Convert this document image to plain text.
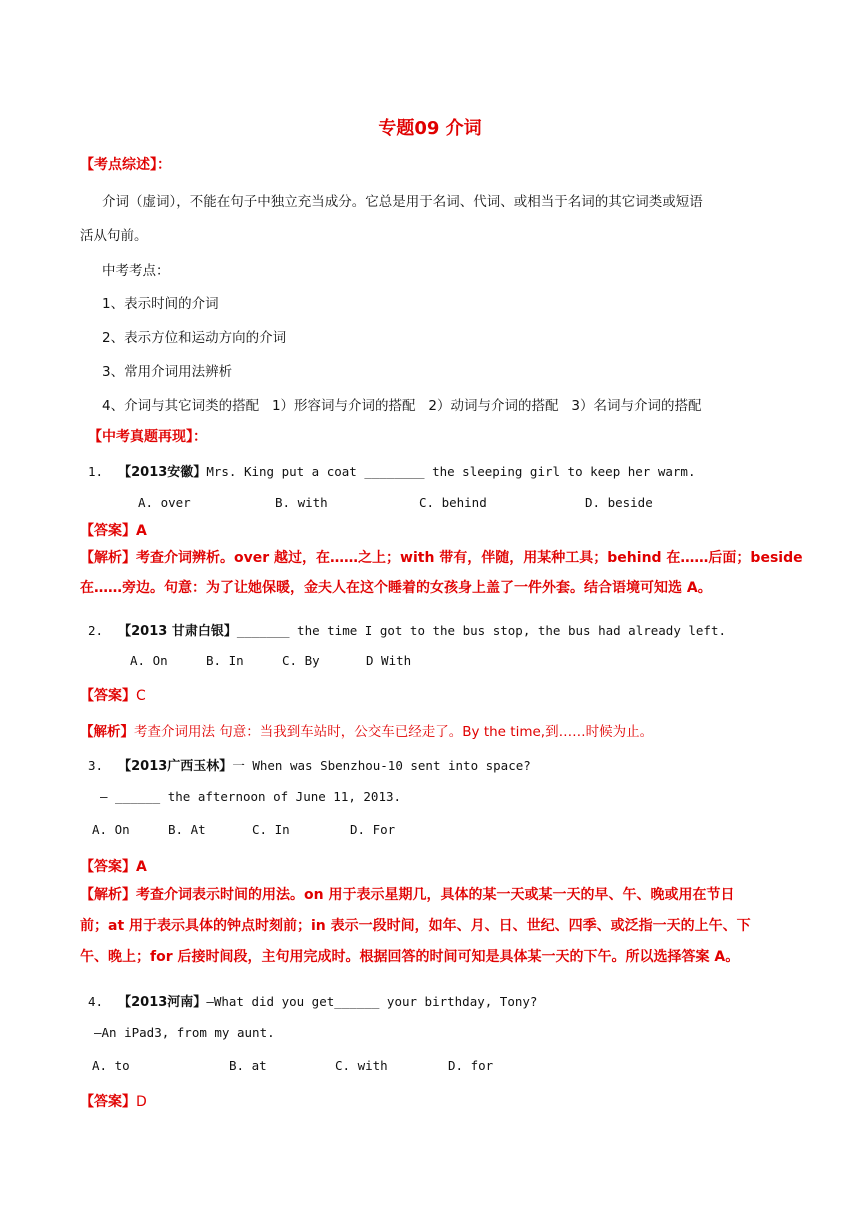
专题09 介词
【考点综述】：
介词（虚词），不能在句子中独立充当成分。它总是用于名词、代词、或相当于名词的其它词类或短语
活从句前。
中考考点：
1、表示时间的介词
2、表示方位和运动方向的介词
3、常用介词用法辨析
4、介词与其它词类的搭配   1）形容词与介词的搭配   2）动词与介词的搭配   3）名词与介词的搭配
【中考真题再现】：
1. 【2013安徽】Mrs. King put a coat ________ the sleeping girl to keep her warm.
A. over	B. with	C. behind	D. beside
【答案】A
【解析】考查介词辨析。over 越过，在……之上；with 带有，伴随，用某种工具；behind 在……后面；beside
在……旁边。句意：为了让她保暖，金夫人在这个睡着的女孩身上盖了一件外套。结合语境可知选 A。
2. 【2013 甘肃白银】_______ the time I got to the bus stop, the bus had already left.
A. On	B. In	C. By	D With
【答案】C
【解析】考查介词用法 句意：当我到车站时，公交车已经走了。By the time,到……时候为止。
3. 【2013广西玉林】一 When was Sbenzhou-10 sent into space?
— ______ the afternoon of June 11, 2013.
A. On	B. At	C. In	D. For
【答案】A
【解析】考查介词表示时间的用法。on 用于表示星期几，具体的某一天或某一天的早、午、晚或用在节日
前；at 用于表示具体的钟点时刻前；in 表示一段时间，如年、月、日、世纪、四季、或泛指一天的上午、下
午、晚上；for 后接时间段，主句用完成时。根据回答的时间可知是具体某一天的下午。所以选择答案 A。
4. 【2013河南】—What did you get______ your birthday, Tony?
—An iPad3, from my aunt.
A. to	B. at	C. with	D. for
【答案】D
